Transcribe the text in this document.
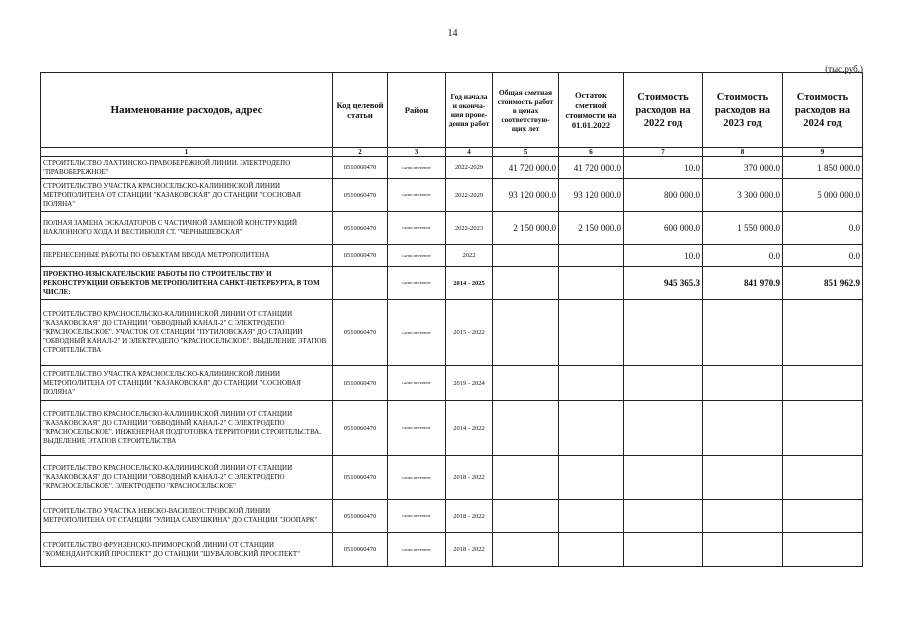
14
(тыс.руб.)
Наименование расходов, адрес	Код целевой статьи	Район	Год начала и оконча-ния прове-дения работ	Общая сметная стоимость работ в ценах соответствую-щих лет	Остаток сметной стоимости на 01.01.2022	Стоимость расходов на 2022 год	Стоимость расходов на 2023 год	Стоимость расходов на 2024 год
1	2	3	4	5	6	7	8	9
СТРОИТЕЛЬСТВО ЛАХТИНСКО-ПРАВОБЕРЕЖНОЙ ЛИНИИ. ЭЛЕКТРОДЕПО "ПРАВОБЕРЕЖНОЕ"	0510060470	САНКТ-ПЕТЕРБУРГ	2022-2029	41 720 000.0	41 720 000.0	10.0	370 000.0	1 850 000.0
СТРОИТЕЛЬСТВО УЧАСТКА КРАСНОСЕЛЬСКО-КАЛИНИНСКОЙ ЛИНИИ МЕТРОПОЛИТЕНА ОТ СТАНЦИИ "КАЗАКОВСКАЯ" ДО СТАНЦИИ "СОСНОВАЯ ПОЛЯНА"	0510060470	САНКТ-ПЕТЕРБУРГ	2022-2029	93 120 000.0	93 120 000.0	800 000.0	3 300 000.0	5 000 000.0
ПОЛНАЯ ЗАМЕНА ЭСКАЛАТОРОВ С ЧАСТИЧНОЙ ЗАМЕНОЙ КОНСТРУКЦИЙ НАКЛОННОГО ХОДА И ВЕСТИБЮЛЯ СТ. "ЧЕРНЫШЕВСКАЯ"	0510060470	САНКТ-ПЕТЕРБУРГ	2022-2023	2 150 000.0	2 150 000.0	600 000.0	1 550 000.0	0.0
ПЕРЕНЕСЕННЫЕ РАБОТЫ ПО ОБЪЕКТАМ ВВОДА МЕТРОПОЛИТЕНА	0510060470	САНКТ-ПЕТЕРБУРГ	2022			10.0	0.0	0.0
ПРОЕКТНО-ИЗЫСКАТЕЛЬСКИЕ РАБОТЫ ПО СТРОИТЕЛЬСТВУ И РЕКОНСТРУКЦИИ ОБЪЕКТОВ МЕТРОПОЛИТЕНА САНКТ-ПЕТЕРБУРГА, В ТОМ ЧИСЛЕ:		САНКТ-ПЕТЕРБУРГ	2014 - 2025			945 365.3	841 970.9	851 962.9
СТРОИТЕЛЬСТВО КРАСНОСЕЛЬСКО-КАЛИНИНСКОЙ ЛИНИИ ОТ СТАНЦИИ "КАЗАКОВСКАЯ" ДО СТАНЦИИ "ОБВОДНЫЙ КАНАЛ-2" С ЭЛЕКТРОДЕПО "КРАСНОСЕЛЬСКОЕ". УЧАСТОК ОТ СТАНЦИИ "ПУТИЛОВСКАЯ" ДО СТАНЦИИ "ОБВОДНЫЙ КАНАЛ-2" И ЭЛЕКТРОДЕПО "КРАСНОСЕЛЬСКОЕ". ВЫДЕЛЕНИЕ ЭТАПОВ СТРОИТЕЛЬСТВА	0510060470	САНКТ-ПЕТЕРБУРГ	2015 - 2022					
СТРОИТЕЛЬСТВО УЧАСТКА КРАСНОСЕЛЬСКО-КАЛИНИНСКОЙ ЛИНИИ МЕТРОПОЛИТЕНА ОТ СТАНЦИИ "КАЗАКОВСКАЯ" ДО СТАНЦИИ "СОСНОВАЯ ПОЛЯНА"	0510060470	САНКТ-ПЕТЕРБУРГ	2019 - 2024					
СТРОИТЕЛЬСТВО КРАСНОСЕЛЬСКО-КАЛИНИНСКОЙ ЛИНИИ ОТ СТАНЦИИ "КАЗАКОВСКАЯ" ДО СТАНЦИИ "ОБВОДНЫЙ КАНАЛ-2" С ЭЛЕКТРОДЕПО "КРАСНОСЕЛЬСКОЕ". ИНЖЕНЕРНАЯ ПОДГОТОВКА ТЕРРИТОРИИ СТРОИТЕЛЬСТВА. ВЫДЕЛЕНИЕ ЭТАПОВ СТРОИТЕЛЬСТВА	0510060470	САНКТ-ПЕТЕРБУРГ	2014 - 2022					
СТРОИТЕЛЬСТВО КРАСНОСЕЛЬСКО-КАЛИНИНСКОЙ ЛИНИИ ОТ СТАНЦИИ "КАЗАКОВСКАЯ" ДО СТАНЦИИ "ОБВОДНЫЙ КАНАЛ-2" С ЭЛЕКТРОДЕПО "КРАСНОСЕЛЬСКОЕ". ЭЛЕКТРОДЕПО "КРАСНОСЕЛЬСКОЕ"	0510060470	САНКТ-ПЕТЕРБУРГ	2018 - 2022					
СТРОИТЕЛЬСТВО УЧАСТКА НЕВСКО-ВАСИЛЕОСТРОВСКОЙ ЛИНИИ МЕТРОПОЛИТЕНА ОТ СТАНЦИИ "УЛИЦА САВУШКИНА" ДО СТАНЦИИ "ЗООПАРК"	0510060470	САНКТ-ПЕТЕРБУРГ	2018 - 2022					
СТРОИТЕЛЬСТВО ФРУНЗЕНСКО-ПРИМОРСКОЙ ЛИНИИ ОТ СТАНЦИИ "КОМЕНДАНТСКИЙ ПРОСПЕКТ" ДО СТАНЦИИ "ШУВАЛОВСКИЙ ПРОСПЕКТ"	0510060470	САНКТ-ПЕТЕРБУРГ	2018 - 2022					
